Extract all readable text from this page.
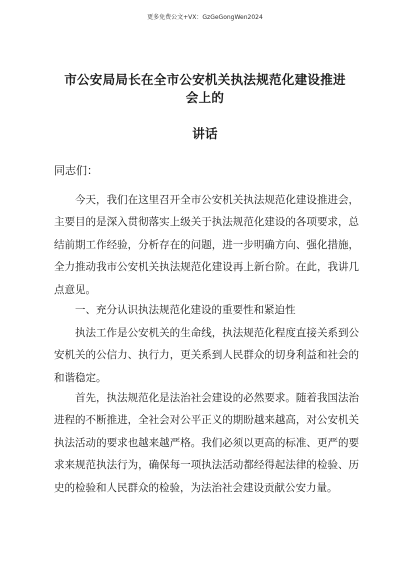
更多免费公文+VX：GzGeGongWen2024
市公安局局长在全市公安机关执法规范化建设推进会上的
讲话
同志们：
今天，我们在这里召开全市公安机关执法规范化建设推进会，主要目的是深入贯彻落实上级关于执法规范化建设的各项要求，总结前期工作经验，分析存在的问题，进一步明确方向、强化措施，全力推动我市公安机关执法规范化建设再上新台阶。在此，我讲几点意见。
一、充分认识执法规范化建设的重要性和紧迫性
执法工作是公安机关的生命线，执法规范化程度直接关系到公安机关的公信力、执行力，更关系到人民群众的切身利益和社会的和谐稳定。
首先，执法规范化是法治社会建设的必然要求。随着我国法治进程的不断推进，全社会对公平正义的期盼越来越高，对公安机关执法活动的要求也越来越严格。我们必须以更高的标准、更严的要求来规范执法行为，确保每一项执法活动都经得起法律的检验、历史的检验和人民群众的检验，为法治社会建设贡献公安力量。
